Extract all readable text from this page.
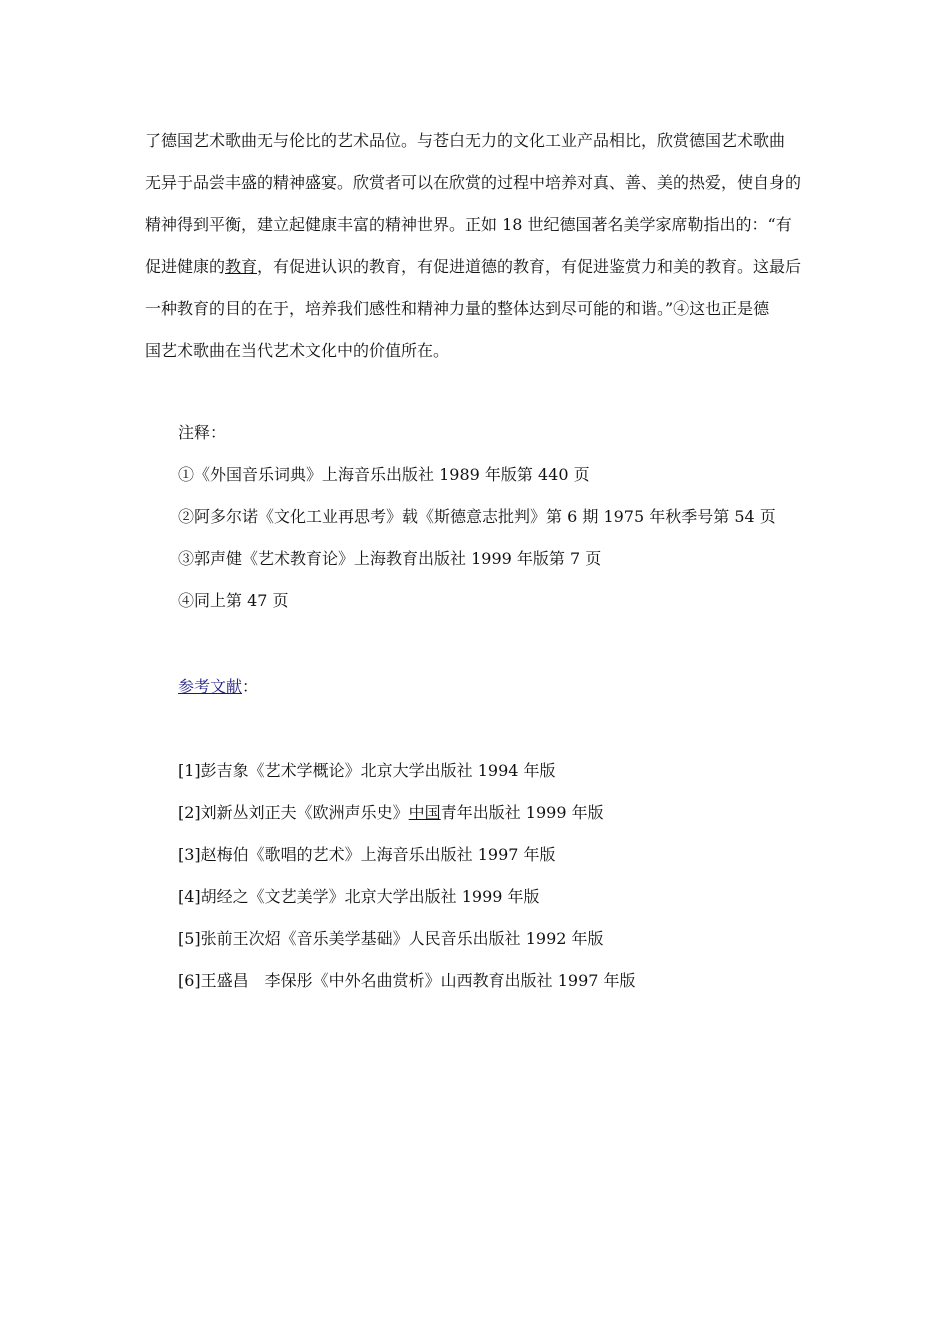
了德国艺术歌曲无与伦比的艺术品位。与苍白无力的文化工业产品相比，欣赏德国艺术歌曲
无异于品尝丰盛的精神盛宴。欣赏者可以在欣赏的过程中培养对真、善、美的热爱，使自身的
精神得到平衡，建立起健康丰富的精神世界。正如 18 世纪德国著名美学家席勒指出的：“有
促进健康的教育，有促进认识的教育，有促进道德的教育，有促进鉴赏力和美的教育。这最后
一种教育的目的在于，培养我们感性和精神力量的整体达到尽可能的和谐。”④这也正是德
国艺术歌曲在当代艺术文化中的价值所在。
注释：
①《外国音乐词典》上海音乐出版社 1989 年版第 440 页
②阿多尔诺《文化工业再思考》载《斯德意志批判》第 6 期 1975 年秋季号第 54 页
③郭声健《艺术教育论》上海教育出版社 1999 年版第 7 页
④同上第 47 页
参考文献：
[1]彭吉象《艺术学概论》北京大学出版社 1994 年版
[2]刘新丛刘正夫《欧洲声乐史》中国青年出版社 1999 年版
[3]赵梅伯《歌唱的艺术》上海音乐出版社 1997 年版
[4]胡经之《文艺美学》北京大学出版社 1999 年版
[5]张前王次炤《音乐美学基础》人民音乐出版社 1992 年版
[6]王盛昌　李保彤《中外名曲赏析》山西教育出版社 1997 年版
